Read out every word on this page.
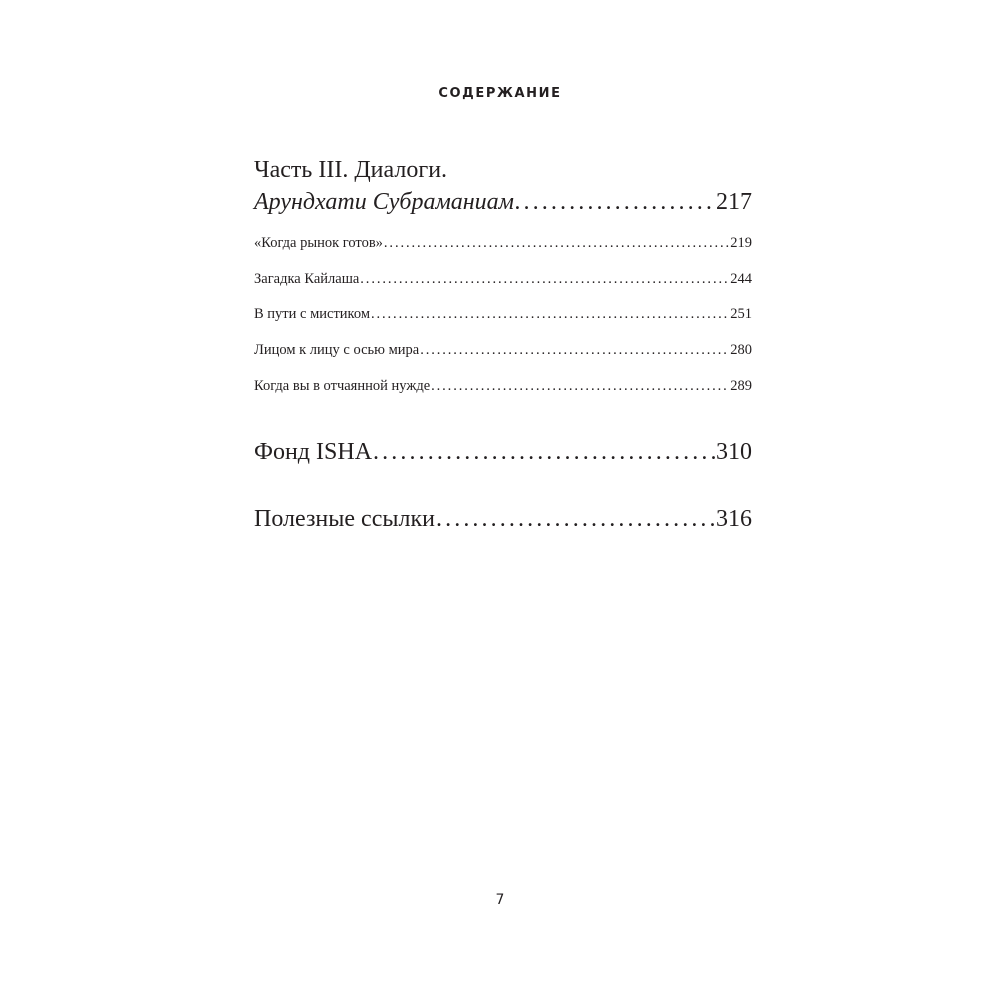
СОДЕРЖАНИЕ
Часть III. Диалоги.
Арундхати Субраманиам . . .	217
«Когда рынок готов» . . .	219
Загадка Кайлаша . . .	244
В пути с мистиком . . .	251
Лицом к лицу с осью мира . . .	280
Когда вы в отчаянной нужде . . .	289
Фонд ISHA . . .	310
Полезные ссылки . . .	316
7
